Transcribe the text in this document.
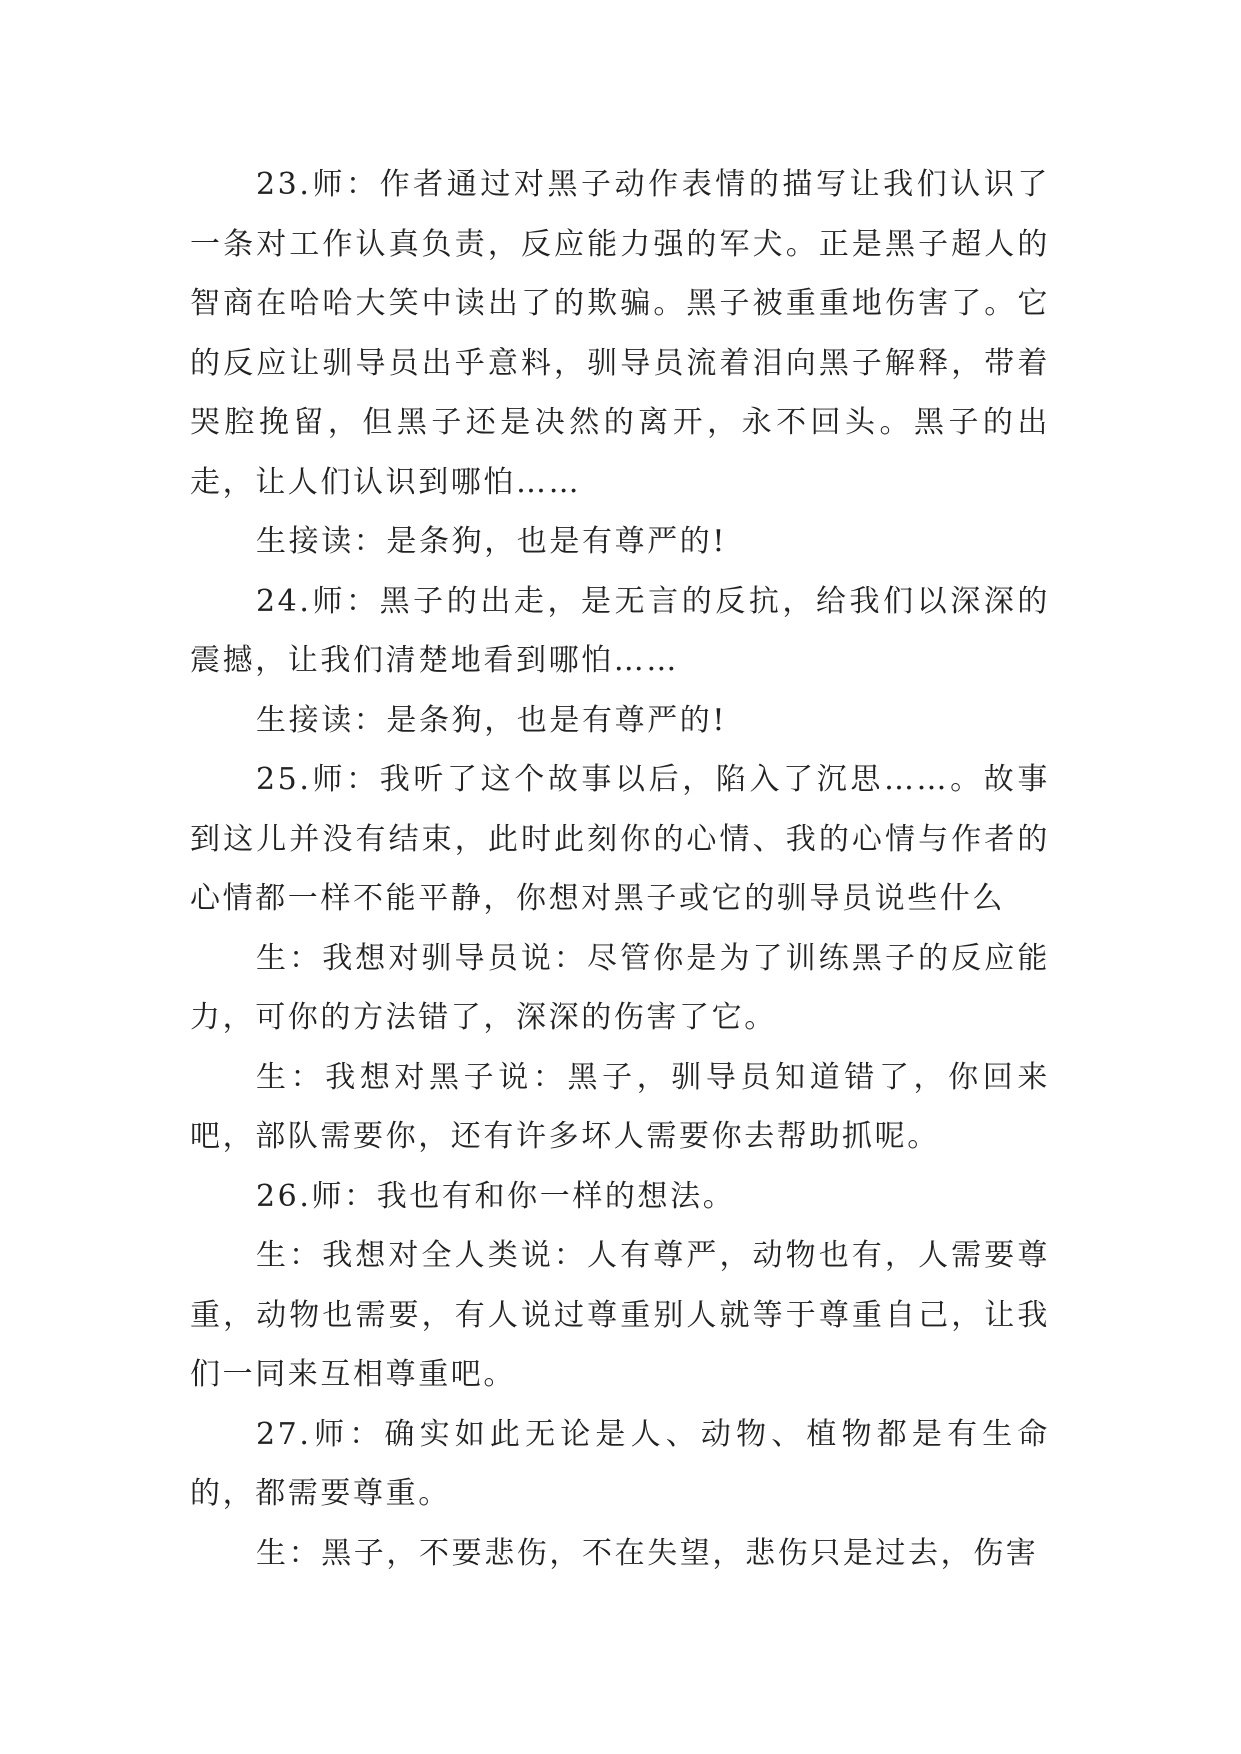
23.师：作者通过对黑子动作表情的描写让我们认识了一条对工作认真负责，反应能力强的军犬。正是黑子超人的智商在哈哈大笑中读出了的欺骗。黑子被重重地伤害了。它的反应让驯导员出乎意料，驯导员流着泪向黑子解释，带着哭腔挽留，但黑子还是决然的离开，永不回头。黑子的出走，让人们认识到哪怕……

生接读：是条狗，也是有尊严的!

24.师：黑子的出走，是无言的反抗，给我们以深深的震撼，让我们清楚地看到哪怕……

生接读：是条狗，也是有尊严的!

25.师：我听了这个故事以后，陷入了沉思……。故事到这儿并没有结束，此时此刻你的心情、我的心情与作者的心情都一样不能平静，你想对黑子或它的驯导员说些什么

生：我想对驯导员说：尽管你是为了训练黑子的反应能力，可你的方法错了，深深的伤害了它。

生：我想对黑子说：黑子，驯导员知道错了，你回来吧，部队需要你，还有许多坏人需要你去帮助抓呢。

26.师：我也有和你一样的想法。

生：我想对全人类说：人有尊严，动物也有，人需要尊重，动物也需要，有人说过尊重别人就等于尊重自己，让我们一同来互相尊重吧。

27.师：确实如此无论是人、动物、植物都是有生命的，都需要尊重。

生：黑子，不要悲伤，不在失望，悲伤只是过去，伤害
